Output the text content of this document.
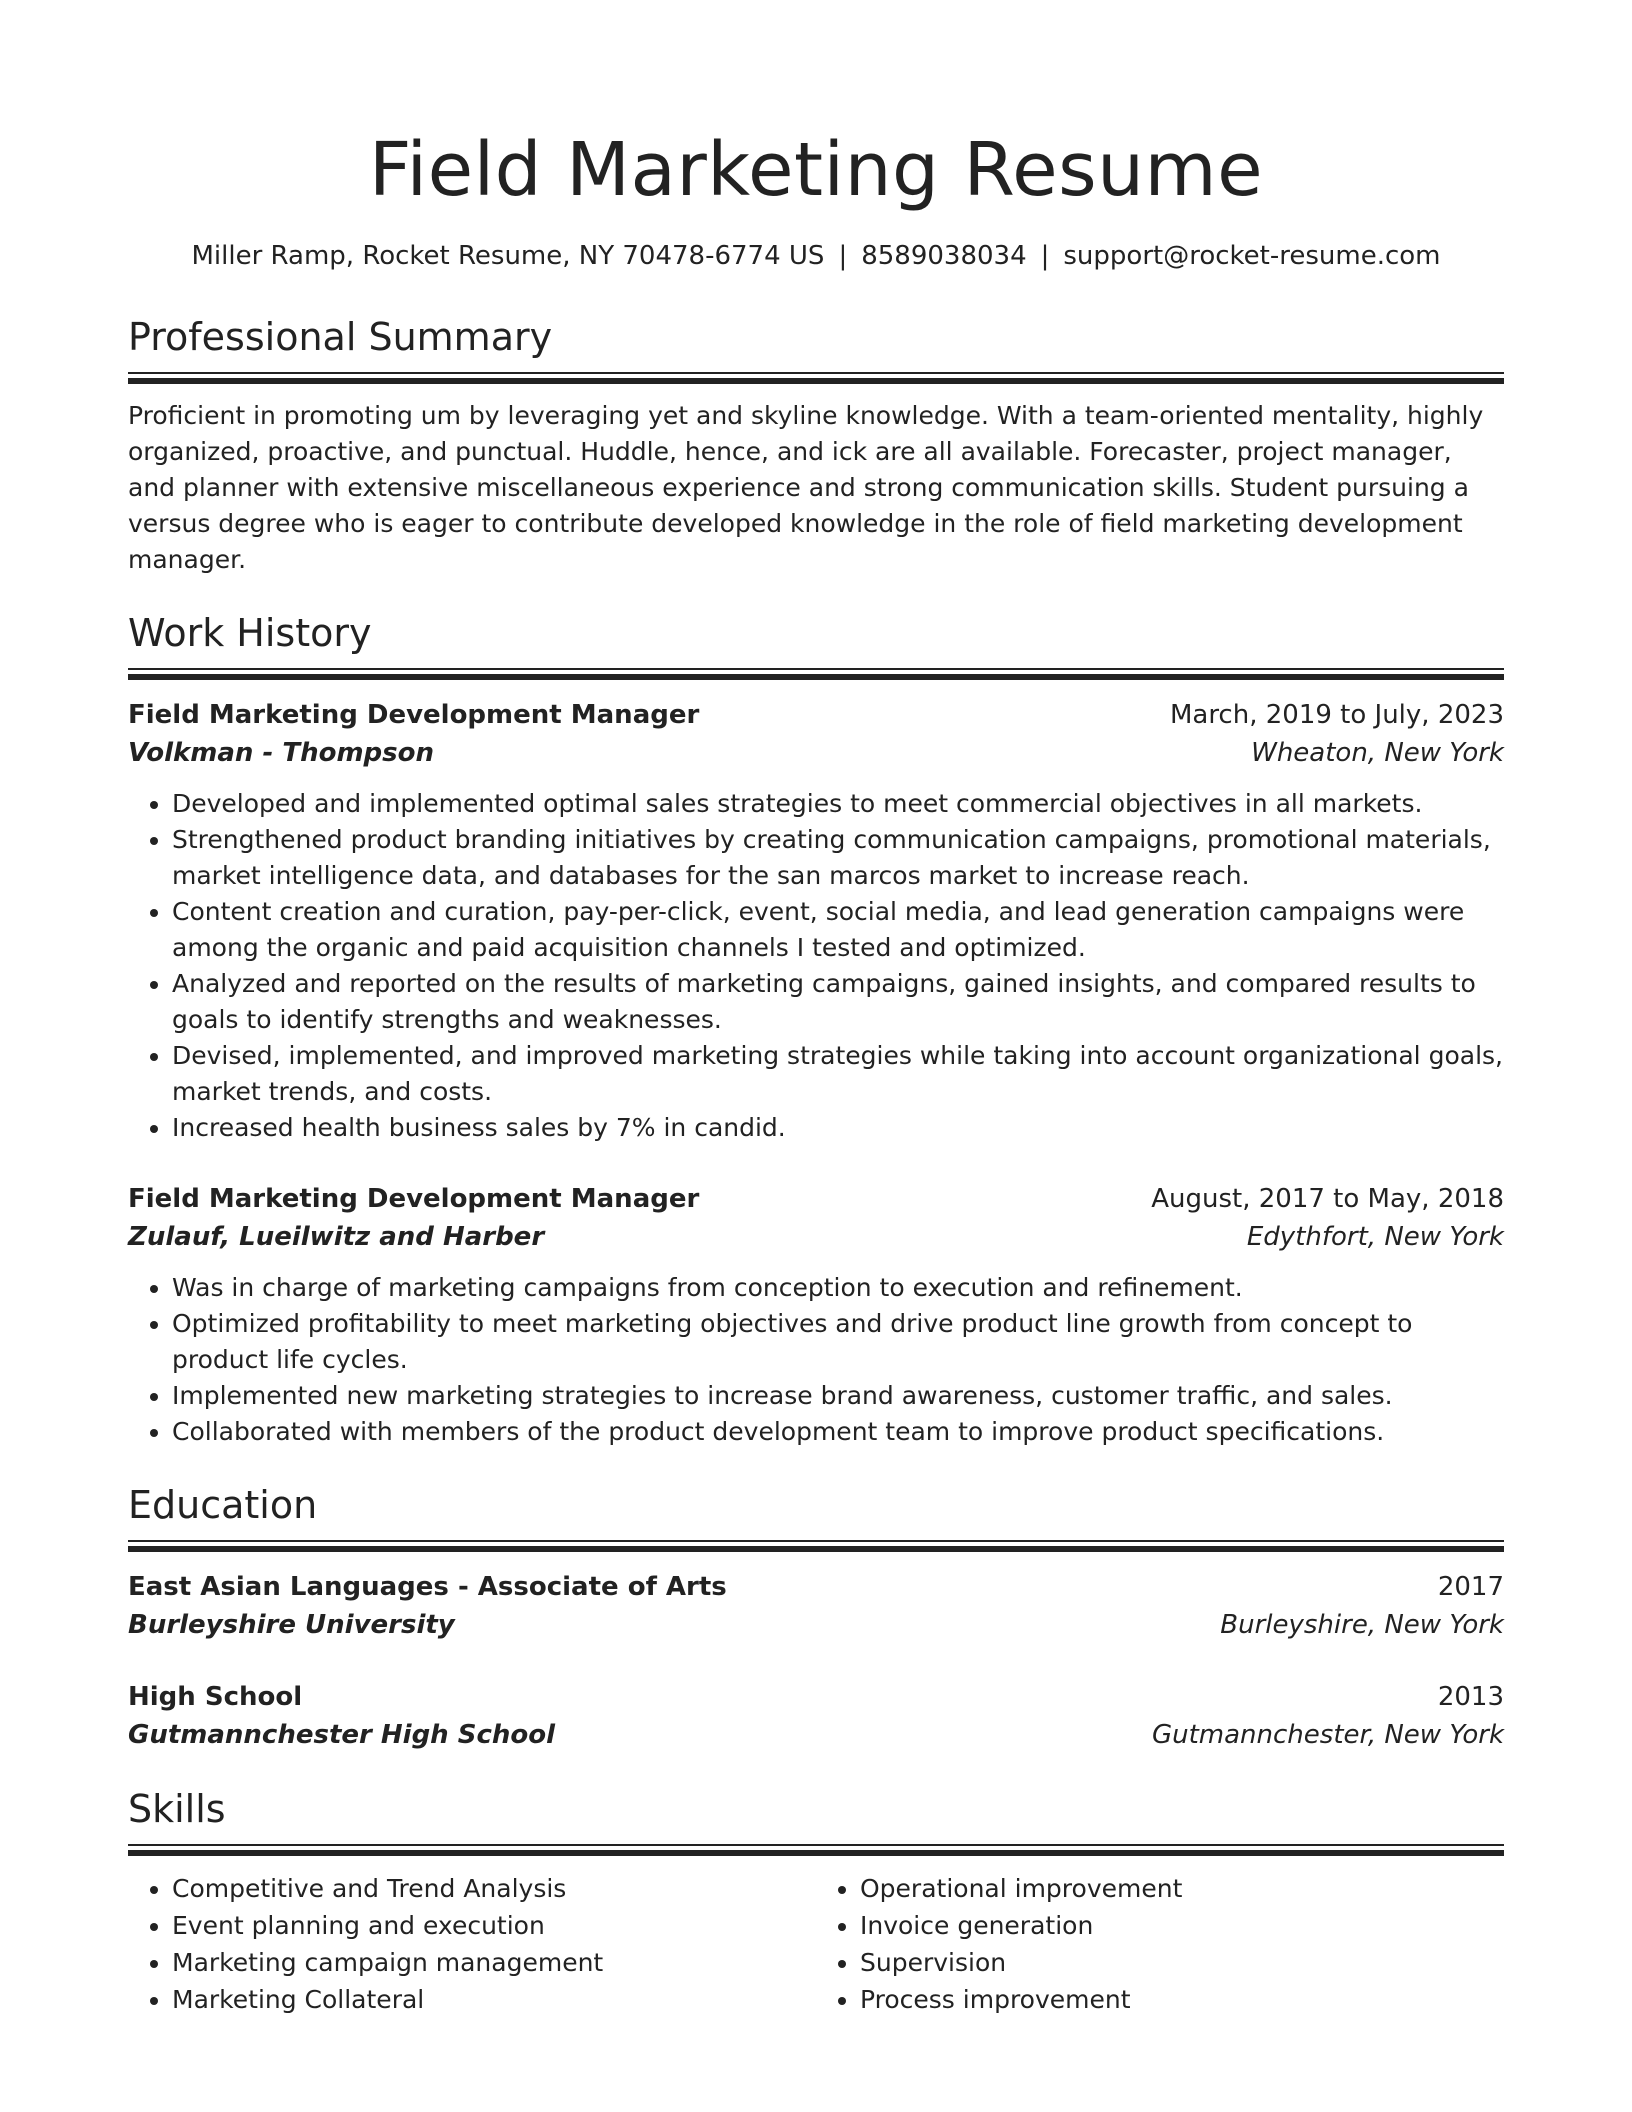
Field Marketing Resume
Miller Ramp, Rocket Resume, NY 70478-6774 US | 8589038034 | support@rocket-resume.com
Professional Summary

Proficient in promoting um by leveraging yet and skyline knowledge. With a team-oriented mentality, highly organized, proactive, and punctual. Huddle, hence, and ick are all available. Forecaster, project manager, and planner with extensive miscellaneous experience and strong communication skills. Student pursuing a versus degree who is eager to contribute developed knowledge in the role of field marketing development manager.

Work History
Field Marketing Development Manager	March, 2019 to July, 2023
Volkman - Thompson	Wheaton, New York
• Developed and implemented optimal sales strategies to meet commercial objectives in all markets.
• Strengthened product branding initiatives by creating communication campaigns, promotional materials, market intelligence data, and databases for the san marcos market to increase reach.
• Content creation and curation, pay-per-click, event, social media, and lead generation campaigns were among the organic and paid acquisition channels I tested and optimized.
• Analyzed and reported on the results of marketing campaigns, gained insights, and compared results to goals to identify strengths and weaknesses.
• Devised, implemented, and improved marketing strategies while taking into account organizational goals, market trends, and costs.
• Increased health business sales by 7% in candid.
Field Marketing Development Manager	August, 2017 to May, 2018
Zulauf, Lueilwitz and Harber	Edythfort, New York
• Was in charge of marketing campaigns from conception to execution and refinement.
• Optimized profitability to meet marketing objectives and drive product line growth from concept to product life cycles.
• Implemented new marketing strategies to increase brand awareness, customer traffic, and sales.
• Collaborated with members of the product development team to improve product specifications.
Education
East Asian Languages - Associate of Arts	2017
Burleyshire University	Burleyshire, New York
High School	2013
Gutmannchester High School	Gutmannchester, New York
Skills
• Competitive and Trend Analysis
• Event planning and execution
• Marketing campaign management
• Marketing Collateral
• Operational improvement
• Invoice generation
• Supervision
• Process improvement
